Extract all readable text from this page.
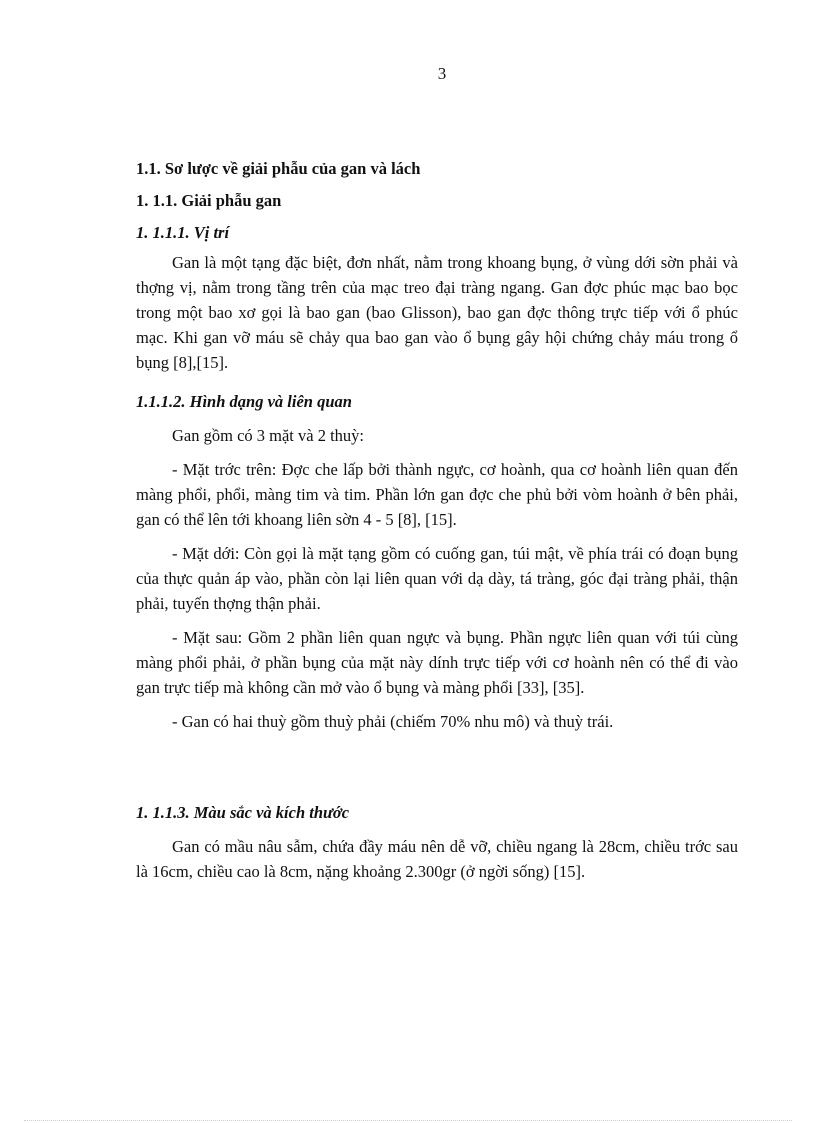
3
1.1. Sơ lược về giải phẫu của gan và lách
1. 1.1. Giải phẫu gan
1. 1.1.1. Vị trí

Gan là một tạng đặc biệt, đơn nhất, nằm trong khoang bụng, ở vùng dới sờn phải và thợng vị, nằm trong tầng trên của mạc treo đại tràng ngang. Gan đợc phúc mạc bao bọc trong một bao xơ gọi là bao gan (bao Glisson), bao gan đợc thông trực tiếp với ổ phúc mạc. Khi gan vỡ máu sẽ chảy qua bao gan vào ổ bụng gây hội chứng chảy máu trong ổ bụng [8],[15].

1.1.1.2. Hình dạng và liên quan

Gan gồm có 3 mặt và 2 thuỳ:

- Mặt trớc trên: Đợc che lấp bởi thành ngực, cơ hoành, qua cơ hoành liên quan đến màng phổi, phổi, màng tim và tim. Phần lớn gan đợc che phủ bởi vòm hoành ở bên phải, gan có thể lên tới khoang liên sờn 4 - 5 [8], [15].

- Mặt dới: Còn gọi là mặt tạng gồm có cuống gan, túi mật, về phía trái có đoạn bụng của thực quản áp vào, phần còn lại liên quan với dạ dày, tá tràng, góc đại tràng phải, thận phải, tuyến thợng thận phải.

- Mặt sau: Gồm 2 phần liên quan ngực và bụng. Phần ngực liên quan với túi cùng màng phổi phải, ở phần bụng của mặt này dính trực tiếp với cơ hoành nên có thể đi vào gan trực tiếp mà không cần mở vào ổ bụng và màng phổi [33], [35].

- Gan có hai thuỳ gồm thuỳ phải (chiếm 70% nhu mô) và thuỳ trái.

1. 1.1.3. Màu sắc và kích thước

Gan có mầu nâu sẫm, chứa đầy máu nên dễ vỡ, chiều ngang là 28cm, chiều trớc sau là 16cm, chiều cao là 8cm, nặng khoảng 2.300gr (ở ngời sống) [15].
